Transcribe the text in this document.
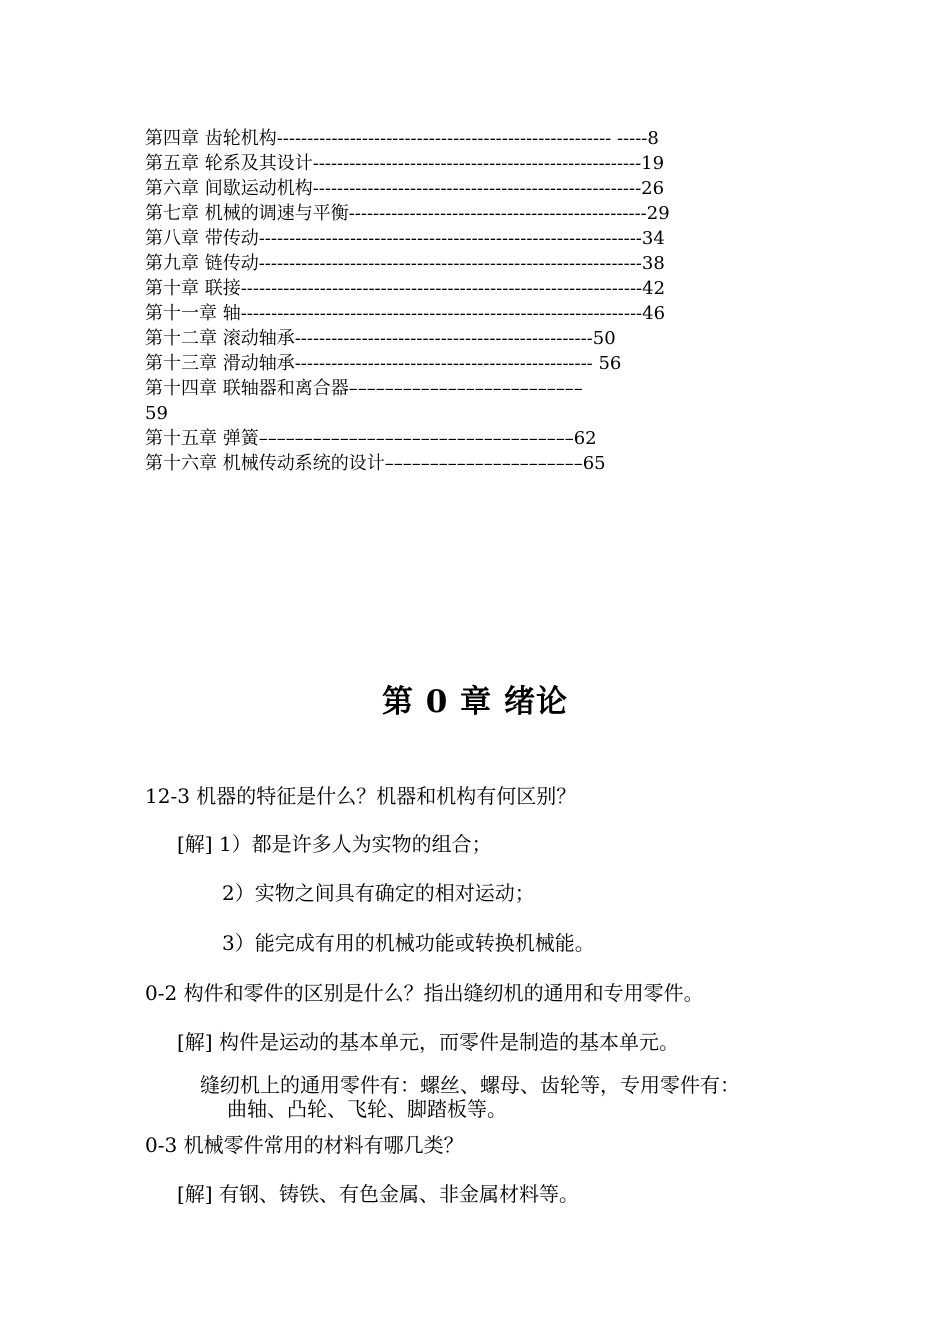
第四章 齿轮机构------------------------------------------------------- -----8
第五章 轮系及其设计------------------------------------------------------19
第六章 间歇运动机构------------------------------------------------------26
第七章 机械的调速与平衡-------------------------------------------------29
第八章 带传动---------------------------------------------------------------34
第九章 链传动---------------------------------------------------------------38
第十章 联接------------------------------------------------------------------42
第十一章 轴------------------------------------------------------------------46
第十二章 滚动轴承-------------------------------------------------50
第十三章 滑动轴承------------------------------------------------- 56
第十四章 联轴器和离合器––––––––––––––––––––––––––
59
第十五章 弹簧–––––––––––––––––––––––––––––––––––62
第十六章 机械传动系统的设计––––––––––––––––––––––65
第 0 章 绪论
12-3 机器的特征是什么？机器和机构有何区别？
[解] 1）都是许多人为实物的组合；
2）实物之间具有确定的相对运动；
3）能完成有用的机械功能或转换机械能。
0-2 构件和零件的区别是什么？指出缝纫机的通用和专用零件。
[解] 构件是运动的基本单元，而零件是制造的基本单元。
缝纫机上的通用零件有：螺丝、螺母、齿轮等，专用零件有：
曲轴、凸轮、飞轮、脚踏板等。
0-3 机械零件常用的材料有哪几类？
[解] 有钢、铸铁、有色金属、非金属材料等。
